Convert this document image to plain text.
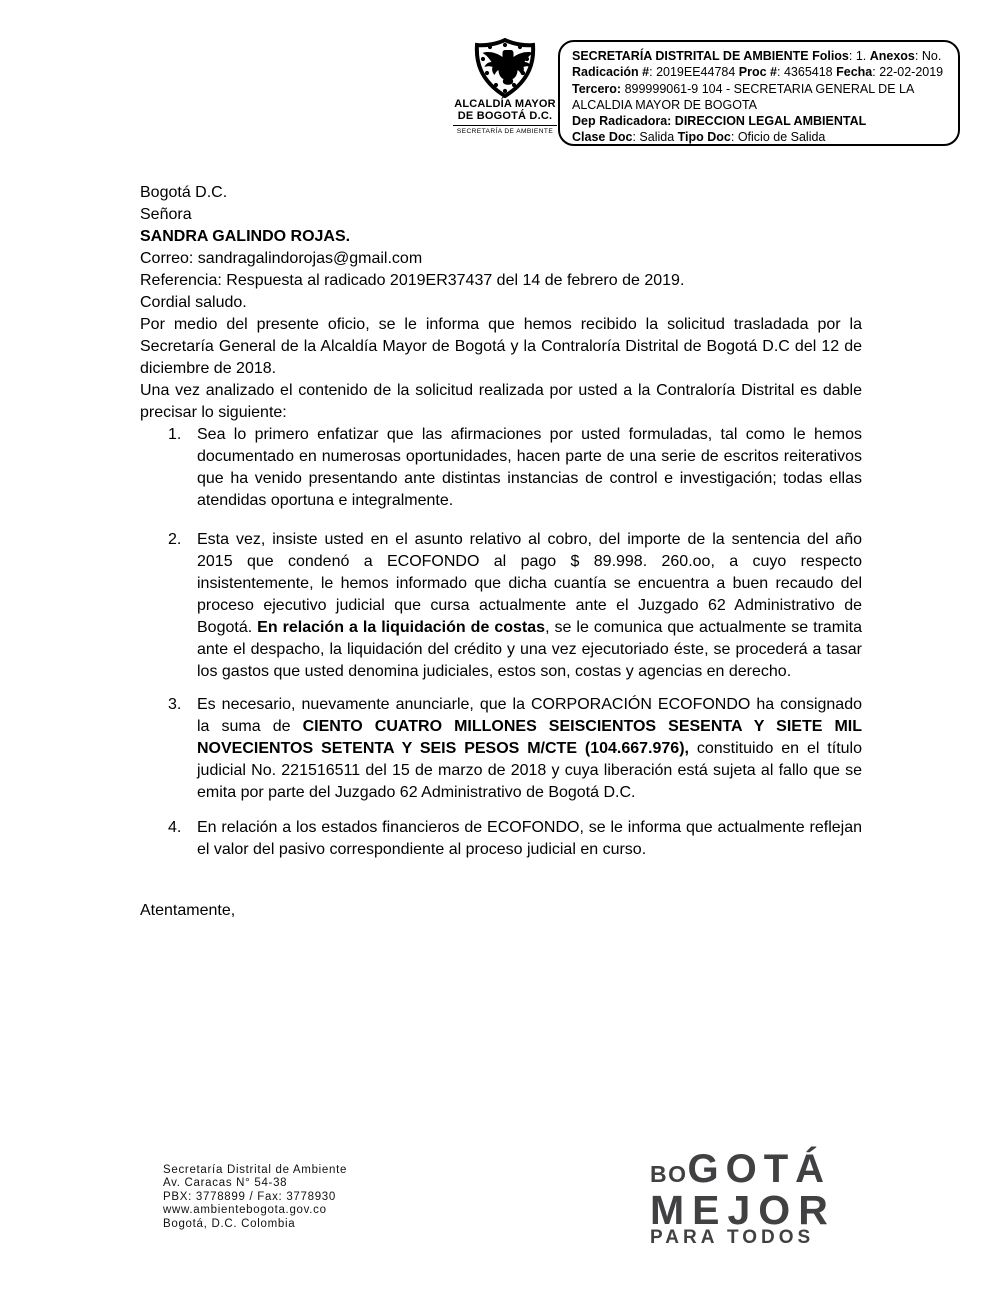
ALCALDÍA MAYOR
DE BOGOTÁ D.C.
SECRETARÍA DE AMBIENTE
SECRETARÍA DISTRITAL DE AMBIENTE Folios: 1. Anexos: No.
Radicación #: 2019EE44784 Proc #: 4365418 Fecha: 22-02-2019
Tercero: 899999061-9 104 - SECRETARIA GENERAL DE LA ALCALDIA MAYOR DE BOGOTA
Dep Radicadora: DIRECCION LEGAL AMBIENTAL
Clase Doc: Salida Tipo Doc: Oficio de Salida

Bogotá D.C.

Señora
SANDRA GALINDO ROJAS.
Correo: sandragalindorojas@gmail.com

Referencia: Respuesta al radicado 2019ER37437 del 14 de febrero de 2019.

Cordial saludo.

Por medio del presente oficio, se le informa que hemos recibido la solicitud trasladada por la Secretaría General de la Alcaldía Mayor de Bogotá y la Contraloría Distrital de Bogotá D.C del 12 de diciembre de 2018.

Una vez analizado el contenido de la solicitud realizada por usted a la Contraloría Distrital es dable precisar lo siguiente:

1. Sea lo primero enfatizar que las afirmaciones por usted formuladas, tal como le hemos documentado en numerosas oportunidades, hacen parte de una serie de escritos reiterativos que ha venido presentando ante distintas instancias de control e investigación; todas ellas atendidas oportuna e integralmente.
2. Esta vez, insiste usted en el asunto relativo al cobro, del importe de la sentencia del año 2015 que condenó a ECOFONDO al pago $ 89.998. 260.oo, a cuyo respecto insistentemente, le hemos informado que dicha cuantía se encuentra a buen recaudo del proceso ejecutivo judicial que cursa actualmente ante el Juzgado 62 Administrativo de Bogotá. En relación a la liquidación de costas, se le comunica que actualmente se tramita ante el despacho, la liquidación del crédito y una vez ejecutoriado éste, se procederá a tasar los gastos que usted denomina judiciales, estos son, costas y agencias en derecho.
3. Es necesario, nuevamente anunciarle, que la CORPORACIÓN ECOFONDO ha consignado la suma de CIENTO CUATRO MILLONES SEISCIENTOS SESENTA Y SIETE MIL NOVECIENTOS SETENTA Y SEIS PESOS M/CTE (104.667.976), constituido en el título judicial No. 221516511 del 15 de marzo de 2018 y cuya liberación está sujeta al fallo que se emita por parte del Juzgado 62 Administrativo de Bogotá D.C.
4. En relación a los estados financieros de ECOFONDO, se le informa que actualmente reflejan el valor del pasivo correspondiente al proceso judicial en curso.

Atentamente,

Secretaría Distrital de Ambiente
Av. Caracas N° 54-38
PBX: 3778899 / Fax: 3778930
www.ambientebogota.gov.co
Bogotá, D.C. Colombia
BOGOTÁ
MEJOR
PARA TODOS
